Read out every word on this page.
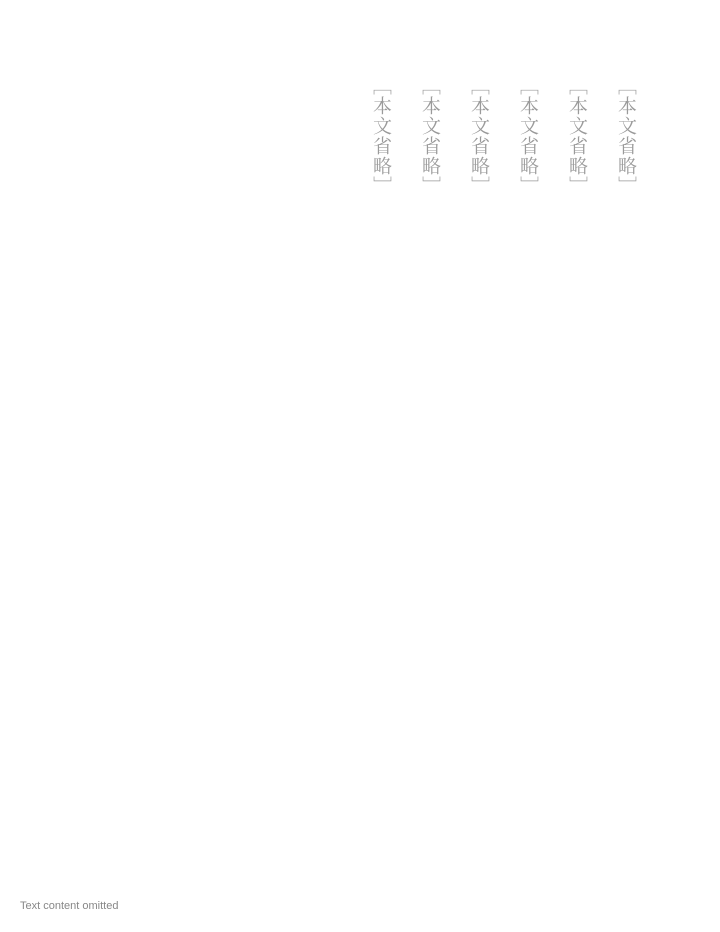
［本文省略］

［本文省略］

［本文省略］

［本文省略］

［本文省略］

［本文省略］

Text content omitted
